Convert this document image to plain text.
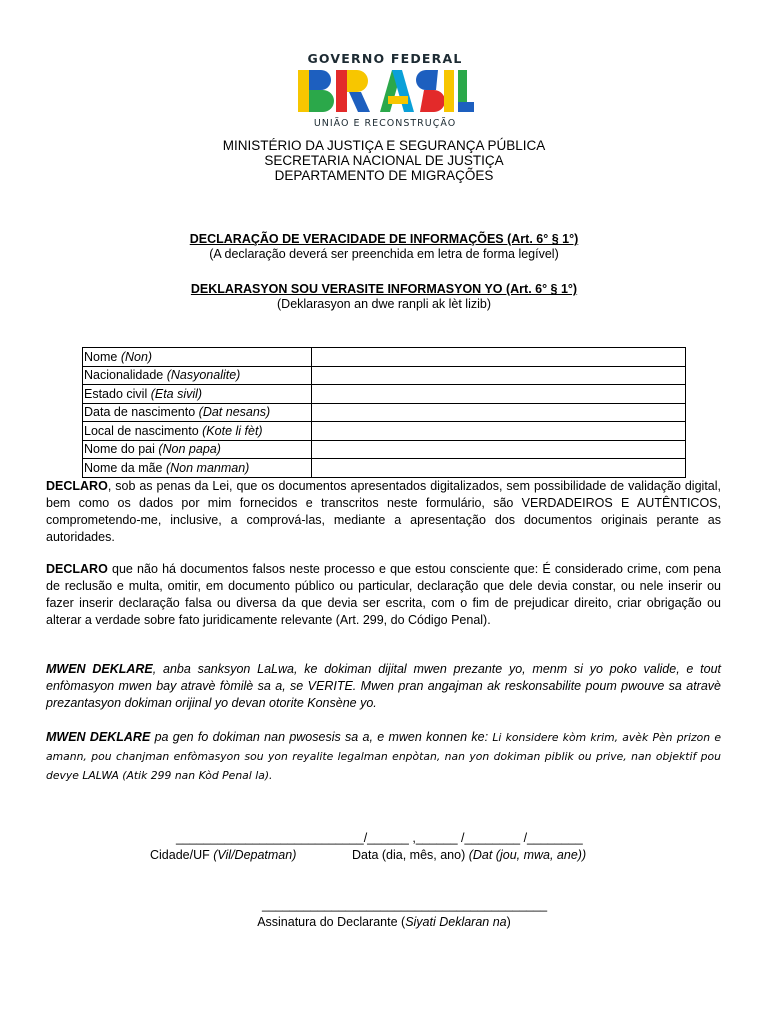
GOVERNO FEDERAL
UNIÃO E RECONSTRUÇÃO
MINISTÉRIO DA JUSTIÇA E SEGURANÇA PÚBLICA
SECRETARIA NACIONAL DE JUSTIÇA
DEPARTAMENTO DE MIGRAÇÕES
DECLARAÇÃO DE VERACIDADE DE INFORMAÇÕES (Art. 6° § 1°)
(A declaração deverá ser preenchida em letra de forma legível)
DEKLARASYON SOU VERASITE INFORMASYON YO (Art. 6° § 1°)
(Deklarasyon an dwe ranpli ak lèt lizib)
Nome (Non)	
Nacionalidade (Nasyonalite)	
Estado civil (Eta sivil)	
Data de nascimento (Dat nesans)	
Local de nascimento (Kote li fèt)	
Nome do pai (Non papa)	
Nome da mãe (Non manman)	
DECLARO, sob as penas da Lei, que os documentos apresentados digitalizados, sem possibilidade de validação digital, bem como os dados por mim fornecidos e transcritos neste formulário, são VERDADEIROS E AUTÊNTICOS, comprometendo-me, inclusive, a comprová-las, mediante a apresentação dos documentos originais perante as autoridades.
DECLARO que não há documentos falsos neste processo e que estou consciente que: É considerado crime, com pena de reclusão e multa, omitir, em documento público ou particular, declaração que dele devia constar, ou nele inserir ou fazer inserir declaração falsa ou diversa da que devia ser escrita, com o fim de prejudicar direito, criar obrigação ou alterar a verdade sobre fato juridicamente relevante (Art. 299, do Código Penal).
MWEN DEKLARE, anba sanksyon LaLwa, ke dokiman dijital mwen prezante yo, menm si yo poko valide, e tout enfòmasyon mwen bay atravè fòmilè sa a, se VERITE. Mwen pran angajman ak reskonsabilite poum pwouve sa atravè prezantasyon dokiman orijinal yo devan otorite Konsène yo.
MWEN DEKLARE pa gen fo dokiman nan pwosesis sa a, e mwen konnen ke: Li konsidere kòm krim, avèk Pèn prizon e amann, pou chanjman enfòmasyon sou yon reyalite legalman enpòtan, nan yon dokiman piblik ou prive, nan objektif pou devye LALWA (Atik 299 nan Kòd Penal la).
___________________________/______ ,______ /________ /________
Cidade/UF (Vil/Depatman)	Data (dia, mês, ano) (Dat (jou, mwa, ane))
_________________________________________
Assinatura do Declarante (Siyati Deklaran na)
